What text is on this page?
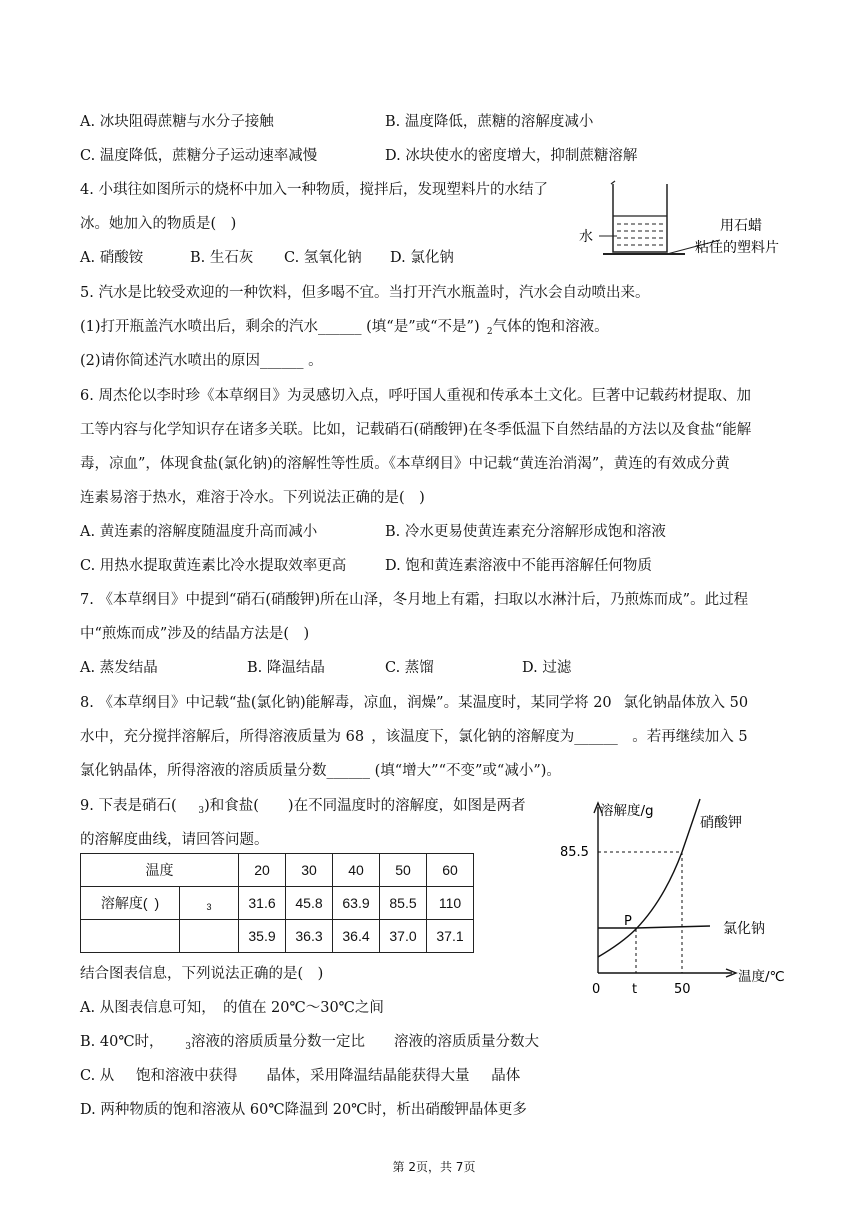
A. 冰块阻碍蔗糖与水分子接触	B. 温度降低，蔗糖的溶解度减小
C. 温度降低，蔗糖分子运动速率减慢	D. 冰块使水的密度增大，抑制蔗糖溶解
4. 小琪往如图所示的烧杯中加入一种物质，搅拌后，发现塑料片的水结了
冰。她加入的物质是(  )
A. 硝酸铵	B. 生石灰 C. 氢氧化钠 D. 氯化钠
水
用石蜡
粘住的塑料片
5. 汽水是比较受欢迎的一种饮料，但多喝不宜。当打开汽水瓶盖时，汽水会自动喷出来。
(1)打开瓶盖汽水喷出后，剩余的汽水______ (填“是”或“不是”) $_2$气体的饱和溶液。
(2)请你简述汽水喷出的原因______ 。
6. 周杰伦以李时珍《本草纲目》为灵感切入点，呼吁国人重视和传承本土文化。巨著中记载药材提取、加
工等内容与化学知识存在诸多关联。比如，记载硝石(硝酸钾)在冬季低温下自然结晶的方法以及食盐“能解
毒，凉血”，体现食盐(氯化钠)的溶解性等性质。《本草纲目》中记载“黄连治消渴”，黄连的有效成分黄
连素易溶于热水，难溶于冷水。下列说法正确的是(  )
A. 黄连素的溶解度随温度升高而减小	B. 冷水更易使黄连素充分溶解形成饱和溶液
C. 用热水提取黄连素比冷水提取效率更高	D. 饱和黄连素溶液中不能再溶解任何物质
7. 《本草纲目》中提到“硝石(硝酸钾)所在山泽，冬月地上有霜，扫取以水淋汁后，乃煎炼而成”。此过程
中“煎炼而成”涉及的结晶方法是(  )
A. 蒸发结晶	B. 降温结晶	C. 蒸馏	D. 过滤
8. 《本草纲目》中记载“盐(氯化钠)能解毒，凉血，润燥”。某温度时，某同学将 20  氯化钠晶体放入 50
水中，充分搅拌溶解后，所得溶液质量为 68 ，该温度下，氯化钠的溶解度为______  。若再继续加入 5
氯化钠晶体，所得溶液的溶质质量分数______ (填“增大”“不变”或“减小”)。
9. 下表是硝石(   $_3$)和食盐(    )在不同温度时的溶解度，如图是两者
的溶解度曲线，请回答问题。
温度		20	30	40	50	60
溶解度( )	$_3$	31.6	45.8	63.9	85.5	110
		35.9	36.3	36.4	37.0	37.1
溶解度/g
硝酸钾
85.5
P	氯化钠
温度/℃
0 t	50
结合图表信息，下列说法正确的是(  )
A. 从图表信息可知， 的值在 20℃～30℃之间
B. 40℃时，   $_3$溶液的溶质质量分数一定比    溶液的溶质质量分数大
C. 从   饱和溶液中获得    晶体，采用降温结晶能获得大量   晶体
D. 两种物质的饱和溶液从 60℃降温到 20℃时，析出硝酸钾晶体更多
第 2页，共 7页
